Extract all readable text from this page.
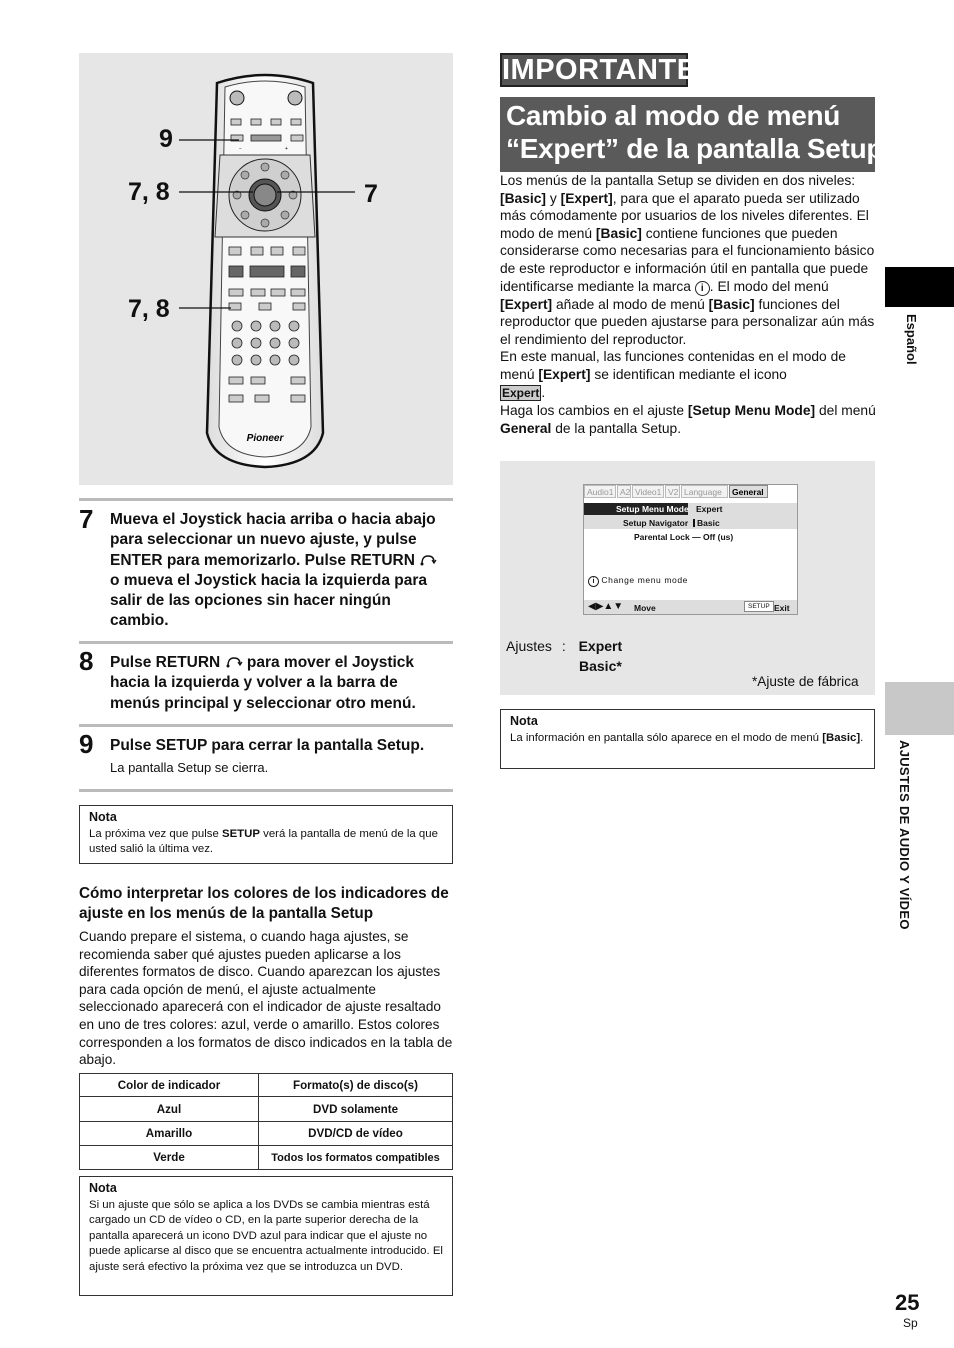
−	+
Pioneer
9
7, 8	7
7, 8
7 Mueva el Joystick hacia arriba o hacia abajo para seleccionar un nuevo ajuste, y pulse ENTER para memorizarlo. Pulse RETURN  o mueva el Joystick hacia la izquierda para salir de las opciones sin hacer ningún cambio.
8 Pulse RETURN para mover el Joystick hacia la izquierda y volver a la barra de menús principal y seleccionar otro menú.
9 Pulse SETUP para cerrar la pantalla Setup.
La pantalla Setup se cierra.
Nota
La próxima vez que pulse SETUP verá la pantalla de menú de la que usted salió la última vez.
Cómo interpretar los colores de los indicadores de ajuste en los menús de la pantalla Setup
Cuando prepare el sistema, o cuando haga ajustes, se recomienda saber qué ajustes pueden aplicarse a los diferentes formatos de disco. Cuando aparezcan los ajustes para cada opción de menú, el ajuste actualmente seleccionado aparecerá con el indicador de ajuste resaltado en uno de tres colores: azul, verde o amarillo. Estos colores corresponden a los formatos de disco indicados en la tabla de abajo.
Color de indicador	Formato(s) de disco(s)
Azul	DVD solamente
Amarillo	DVD/CD de vídeo
Verde	Todos los formatos compatibles
Nota
Si un ajuste que sólo se aplica a los DVDs se cambia mientras está cargado un CD de vídeo o CD, en la parte superior derecha de la pantalla aparecerá un icono DVD azul para indicar que el ajuste no puede aplicarse al disco que se encuentra actualmente introducido. El ajuste será efectivo la próxima vez que se introduzca un DVD.
IMPORTANTE
Cambio al modo de menú
“Expert” de la pantalla Setup
Los menús de la pantalla Setup se dividen en dos niveles: [Basic] y [Expert], para que el aparato pueda ser utilizado más cómodamente por usuarios de los niveles diferentes. El modo de menú [Basic] contiene funciones que pueden considerarse como necesarias para el funcionamiento básico de este reproductor e información útil en pantalla que puede identificarse mediante la marca i . El modo del menú [Expert] añade al modo de menú [Basic] funciones del reproductor que pueden ajustarse para personalizar aún más el rendimiento del reproductor.
En este manual, las funciones contenidas en el modo de menú [Expert] se identifican mediante el icono
Expert .
Haga los cambios en el ajuste [Setup Menu Mode] del menú General de la pantalla Setup.
Audio1 A2 Video1 V2 Language	General
Setup Menu Mode Expert
Setup Navigator Basic
Parental Lock — Off (us)
i Change menu mode
◀▶▲▼ Move	SETUP Exit
Ajustes : Expert
Basic*
*Ajuste de fábrica
Nota
La información en pantalla sólo aparece en el modo de menú [Basic].
Español
AJUSTES DE AUDIO Y VÍDEO
25
Sp
